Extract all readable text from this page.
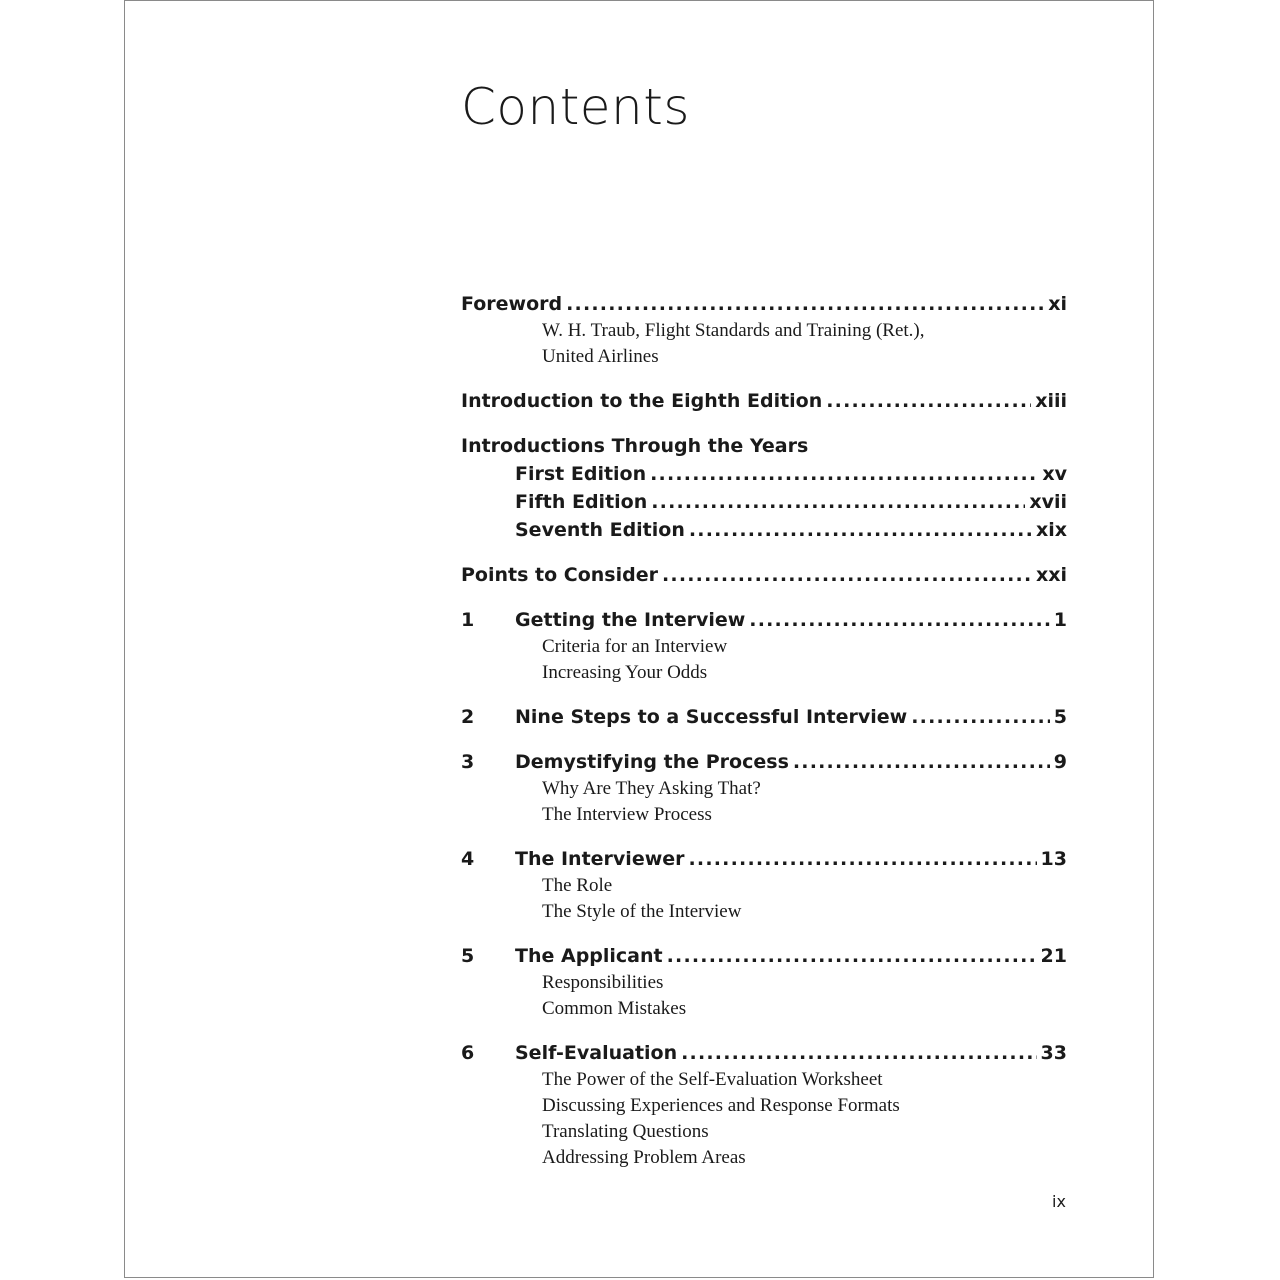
Contents
Foreword .....	xi
W. H. Traub, Flight Standards and Training (Ret.),
United Airlines
Introduction to the Eighth Edition .....	xiii
Introductions Through the Years
First Edition .....	xv
Fifth Edition .....	xvii
Seventh Edition .....	xix
Points to Consider .....	xxi
1	Getting the Interview .....	1
Criteria for an Interview
Increasing Your Odds
2	Nine Steps to a Successful Interview .....	5
3	Demystifying the Process .....	9
Why Are They Asking That?
The Interview Process
4	The Interviewer .....	13
The Role
The Style of the Interview
5	The Applicant .....	21
Responsibilities
Common Mistakes
6	Self-Evaluation .....	33
The Power of the Self-Evaluation Worksheet
Discussing Experiences and Response Formats
Translating Questions
Addressing Problem Areas
ix
